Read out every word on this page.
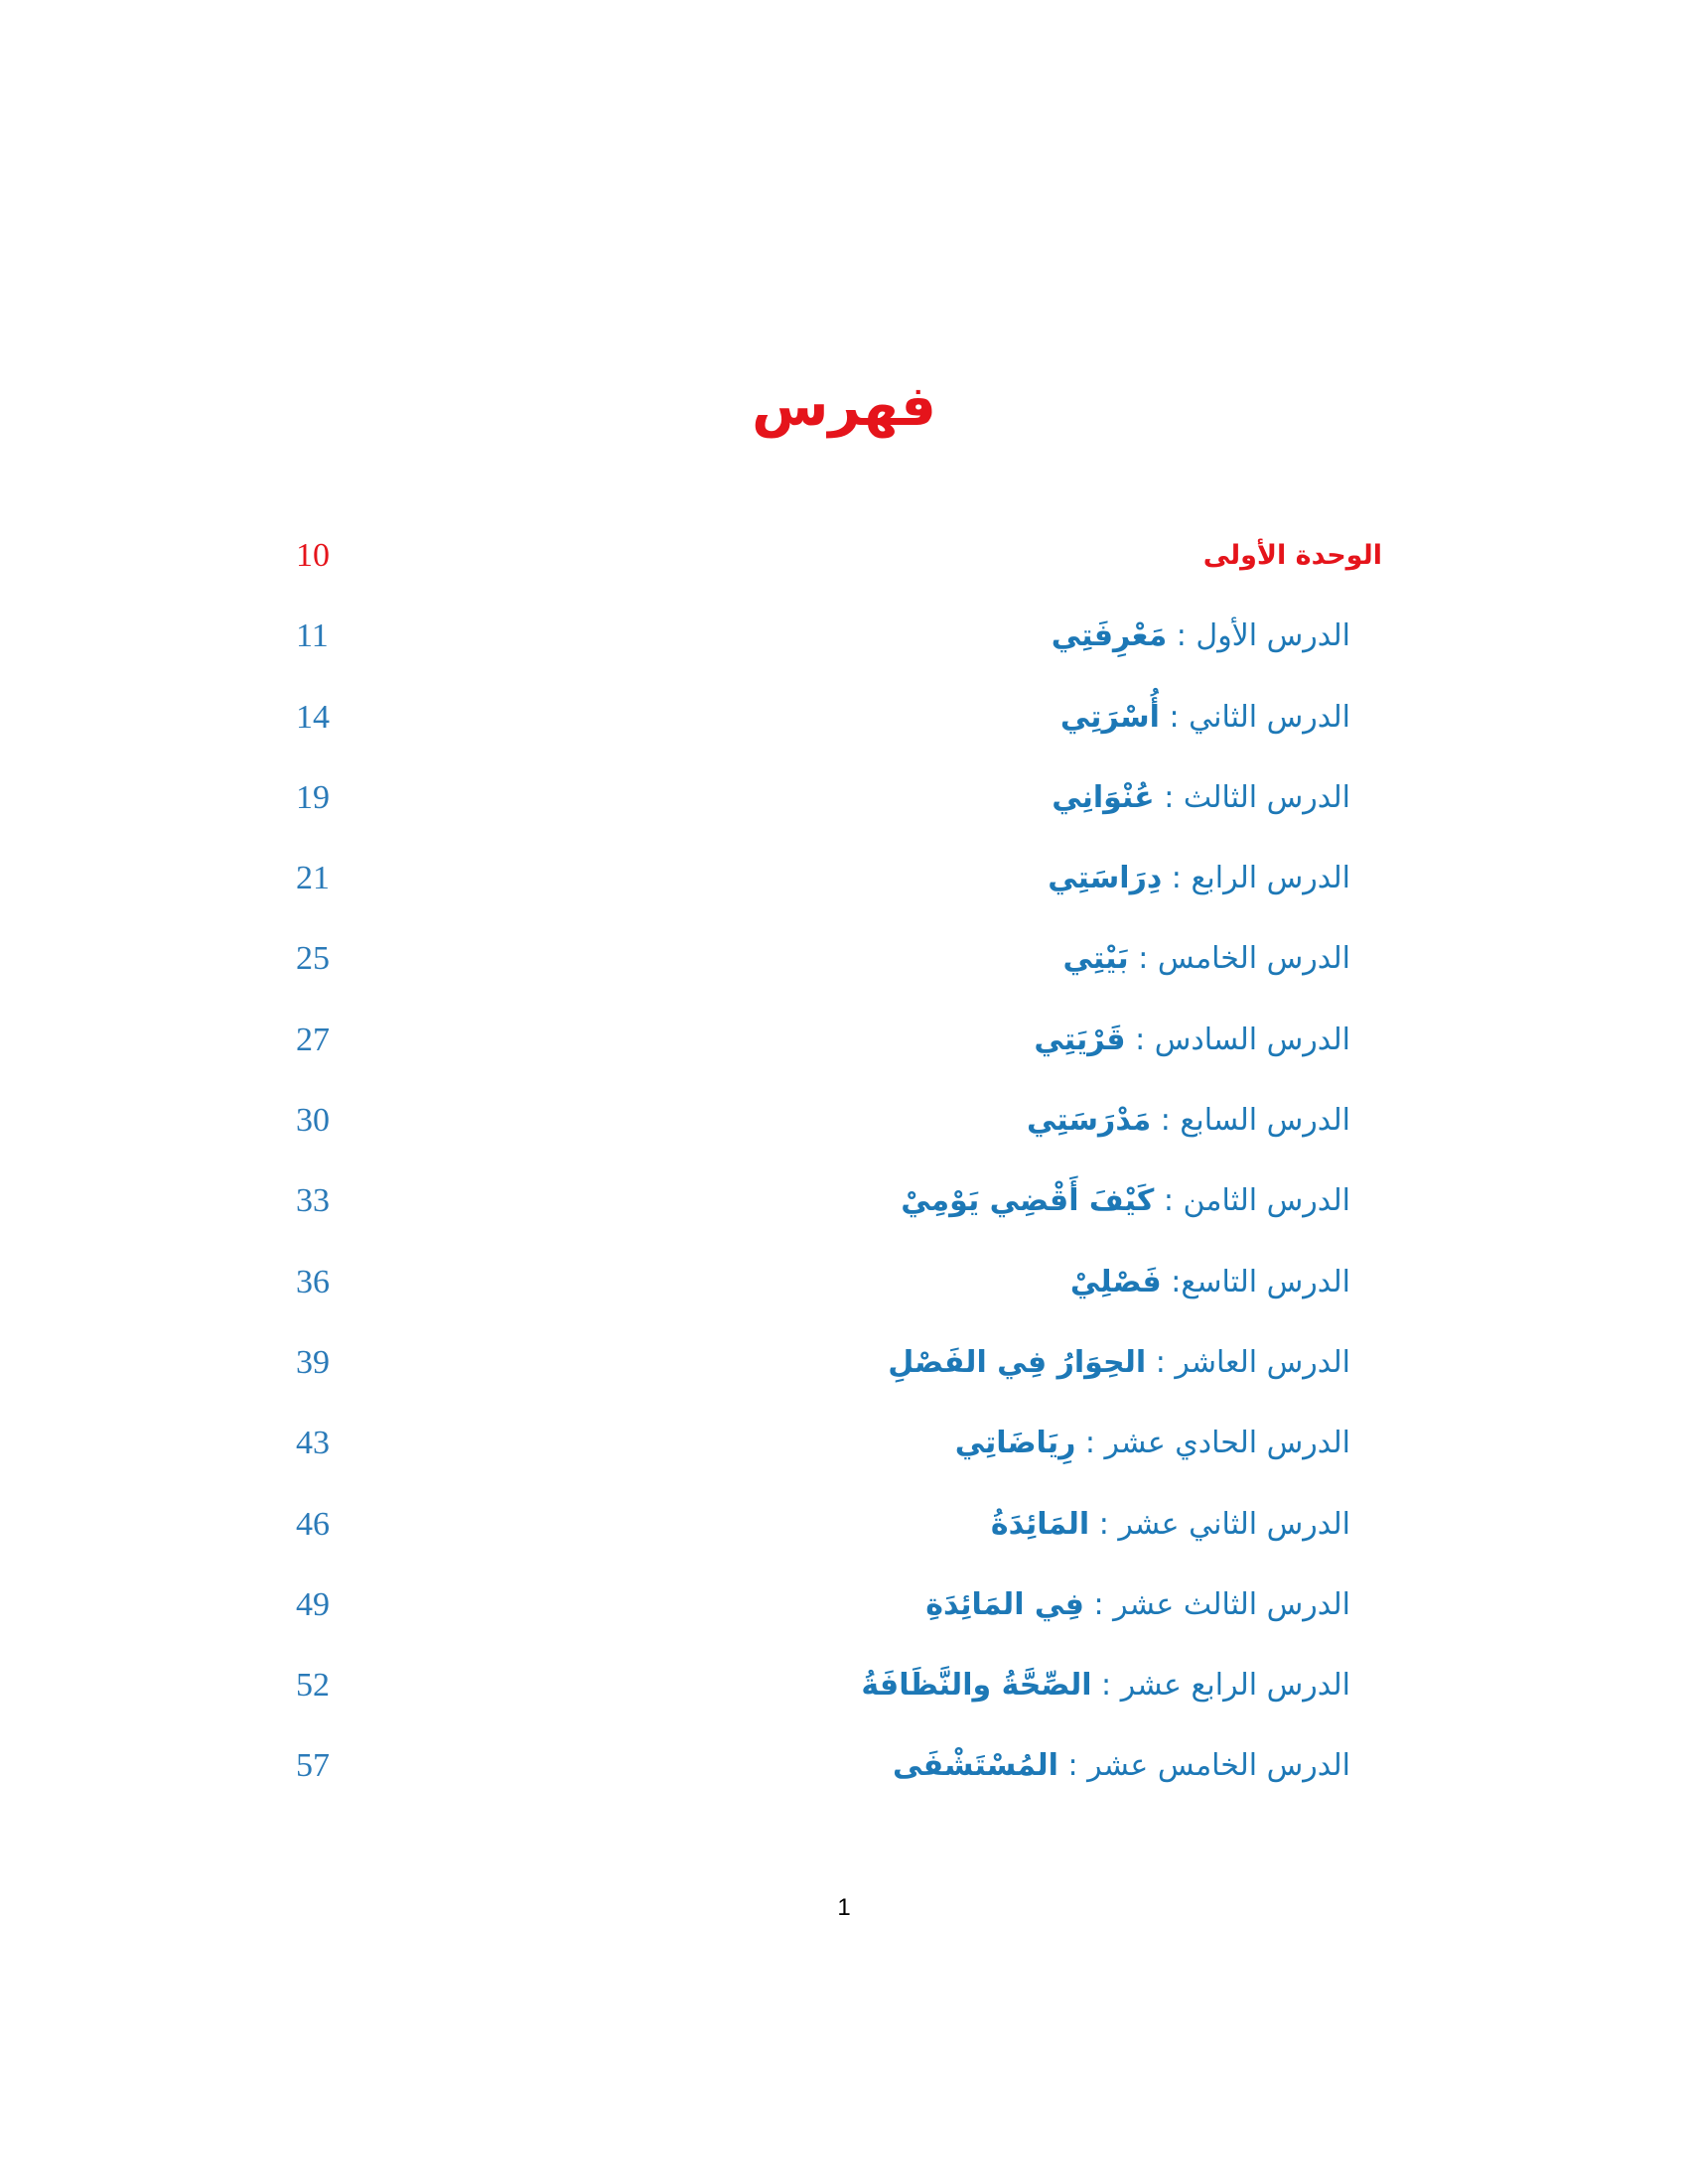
فهرس
الوحدة الأولى
10
الدرس الأول : مَعْرِفَتِي
11
الدرس الثاني : أُسْرَتِي
14
الدرس الثالث : عُنْوَانِي
19
الدرس الرابع : دِرَاسَتِي
21
الدرس الخامس : بَيْتِي
25
الدرس السادس : قَرْيَتِي
27
الدرس السابع : مَدْرَسَتِي
30
الدرس الثامن : كَيْفَ أَقْضِي يَوْمِيْ
33
الدرس التاسع: فَصْلِيْ
36
الدرس العاشر : الحِوَارُ فِي الفَصْلِ
39
الدرس الحادي عشر : رِيَاضَاتِي
43
الدرس الثاني عشر : المَائِدَةُ
46
الدرس الثالث عشر : فِي المَائِدَةِ
49
الدرس الرابع عشر : الصِّحَّةُ والنَّظَافَةُ
52
الدرس الخامس عشر : المُسْتَشْفَى
57
1
